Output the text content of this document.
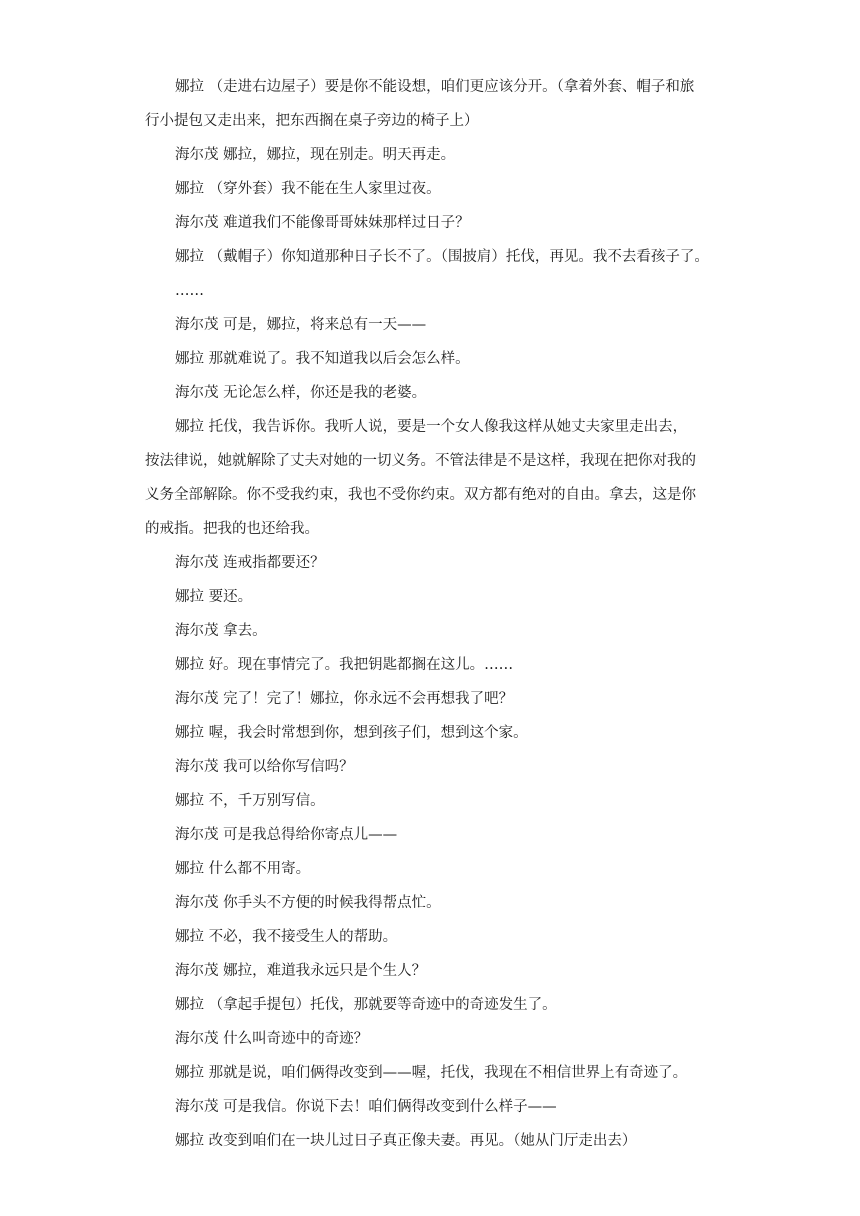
娜拉 （走进右边屋子）要是你不能设想，咱们更应该分开。（拿着外套、帽子和旅
行小提包又走出来，把东西搁在桌子旁边的椅子上）
海尔茂 娜拉，娜拉，现在别走。明天再走。
娜拉 （穿外套）我不能在生人家里过夜。
海尔茂 难道我们不能像哥哥妹妹那样过日子？
娜拉 （戴帽子）你知道那种日子长不了。（围披肩）托伐，再见。我不去看孩子了。
……
海尔茂 可是，娜拉，将来总有一天——
娜拉 那就难说了。我不知道我以后会怎么样。
海尔茂 无论怎么样，你还是我的老婆。
娜拉 托伐，我告诉你。我听人说，要是一个女人像我这样从她丈夫家里走出去，
按法律说，她就解除了丈夫对她的一切义务。不管法律是不是这样，我现在把你对我的
义务全部解除。你不受我约束，我也不受你约束。双方都有绝对的自由。拿去，这是你
的戒指。把我的也还给我。
海尔茂 连戒指都要还？
娜拉 要还。
海尔茂 拿去。
娜拉 好。现在事情完了。我把钥匙都搁在这儿。……
海尔茂 完了！完了！娜拉，你永远不会再想我了吧？
娜拉 喔，我会时常想到你，想到孩子们，想到这个家。
海尔茂 我可以给你写信吗？
娜拉 不，千万别写信。
海尔茂 可是我总得给你寄点儿——
娜拉 什么都不用寄。
海尔茂 你手头不方便的时候我得帮点忙。
娜拉 不必，我不接受生人的帮助。
海尔茂 娜拉，难道我永远只是个生人？
娜拉 （拿起手提包）托伐，那就要等奇迹中的奇迹发生了。
海尔茂 什么叫奇迹中的奇迹？
娜拉 那就是说，咱们俩得改变到——喔，托伐，我现在不相信世界上有奇迹了。
海尔茂 可是我信。你说下去！咱们俩得改变到什么样子——
娜拉 改变到咱们在一块儿过日子真正像夫妻。再见。（她从门厅走出去）
